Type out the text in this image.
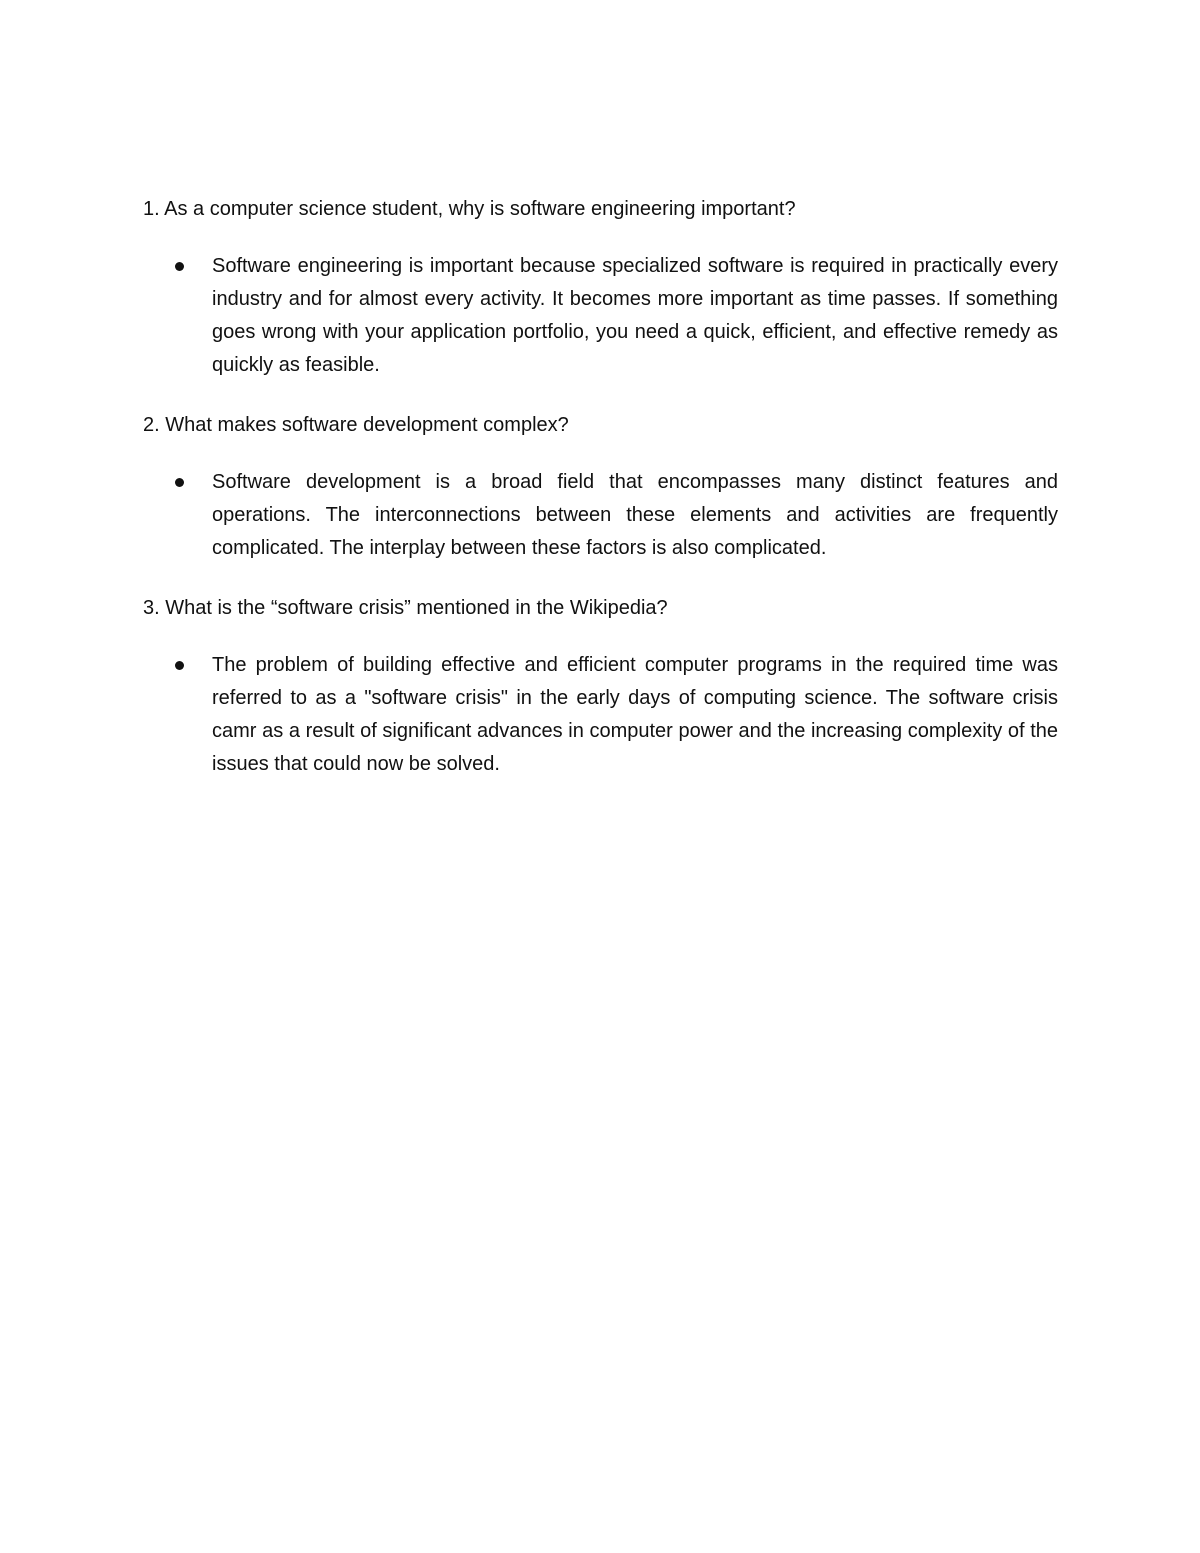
1. As a computer science student, why is software engineering important?

Software engineering is important because specialized software is required in practically every industry and for almost every activity. It becomes more important as time passes. If something goes wrong with your application portfolio, you need a quick, efficient, and effective remedy as quickly as feasible.

2. What makes software development complex?

Software development is a broad field that encompasses many distinct features and operations. The interconnections between these elements and activities are frequently complicated. The interplay between these factors is also complicated.

3. What is the “software crisis” mentioned in the Wikipedia?

The problem of building effective and efficient computer programs in the required time was referred to as a "software crisis" in the early days of computing science. The software crisis camr as a result of significant advances in computer power and the increasing complexity of the issues that could now be solved.
